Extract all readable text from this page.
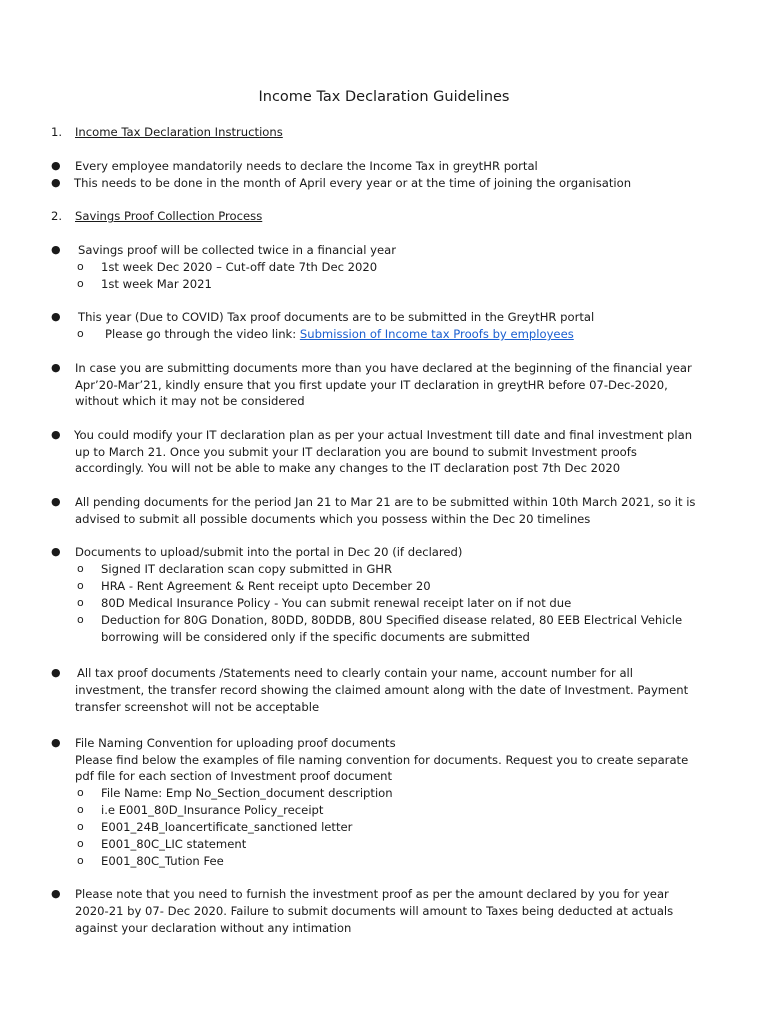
Income Tax Declaration Guidelines
1. Income Tax Declaration Instructions
● Every employee mandatorily needs to declare the Income Tax in greytHR portal
● This needs to be done in the month of April every year or at the time of joining the organisation
2. Savings Proof Collection Process
● Savings proof will be collected twice in a financial year
o 1st week Dec 2020 – Cut-off date 7th Dec 2020
o 1st week Mar 2021
● This year (Due to COVID) Tax proof documents are to be submitted in the GreytHR portal
o Please go through the video link: Submission of Income tax Proofs by employees
● In case you are submitting documents more than you have declared at the beginning of the financial year
Apr’20-Mar’21, kindly ensure that you first update your IT declaration in greytHR before 07-Dec-2020,
without which it may not be considered
● You could modify your IT declaration plan as per your actual Investment till date and final investment plan
up to March 21. Once you submit your IT declaration you are bound to submit Investment proofs
accordingly. You will not be able to make any changes to the IT declaration post 7th Dec 2020
● All pending documents for the period Jan 21 to Mar 21 are to be submitted within 10th March 2021, so it is
advised to submit all possible documents which you possess within the Dec 20 timelines
● Documents to upload/submit into the portal in Dec 20 (if declared)
o Signed IT declaration scan copy submitted in GHR
o HRA - Rent Agreement & Rent receipt upto December 20
o 80D Medical Insurance Policy - You can submit renewal receipt later on if not due
o Deduction for 80G Donation, 80DD, 80DDB, 80U Specified disease related, 80 EEB Electrical Vehicle
borrowing will be considered only if the specific documents are submitted
● All tax proof documents /Statements need to clearly contain your name, account number for all
investment, the transfer record showing the claimed amount along with the date of Investment. Payment
transfer screenshot will not be acceptable
● File Naming Convention for uploading proof documents
Please find below the examples of file naming convention for documents. Request you to create separate
pdf file for each section of Investment proof document
o File Name: Emp No_Section_document description
o i.e E001_80D_Insurance Policy_receipt
o E001_24B_loancertificate_sanctioned letter
o E001_80C_LIC statement
o E001_80C_Tution Fee
● Please note that you need to furnish the investment proof as per the amount declared by you for year
2020-21 by 07- Dec 2020. Failure to submit documents will amount to Taxes being deducted at actuals
against your declaration without any intimation
